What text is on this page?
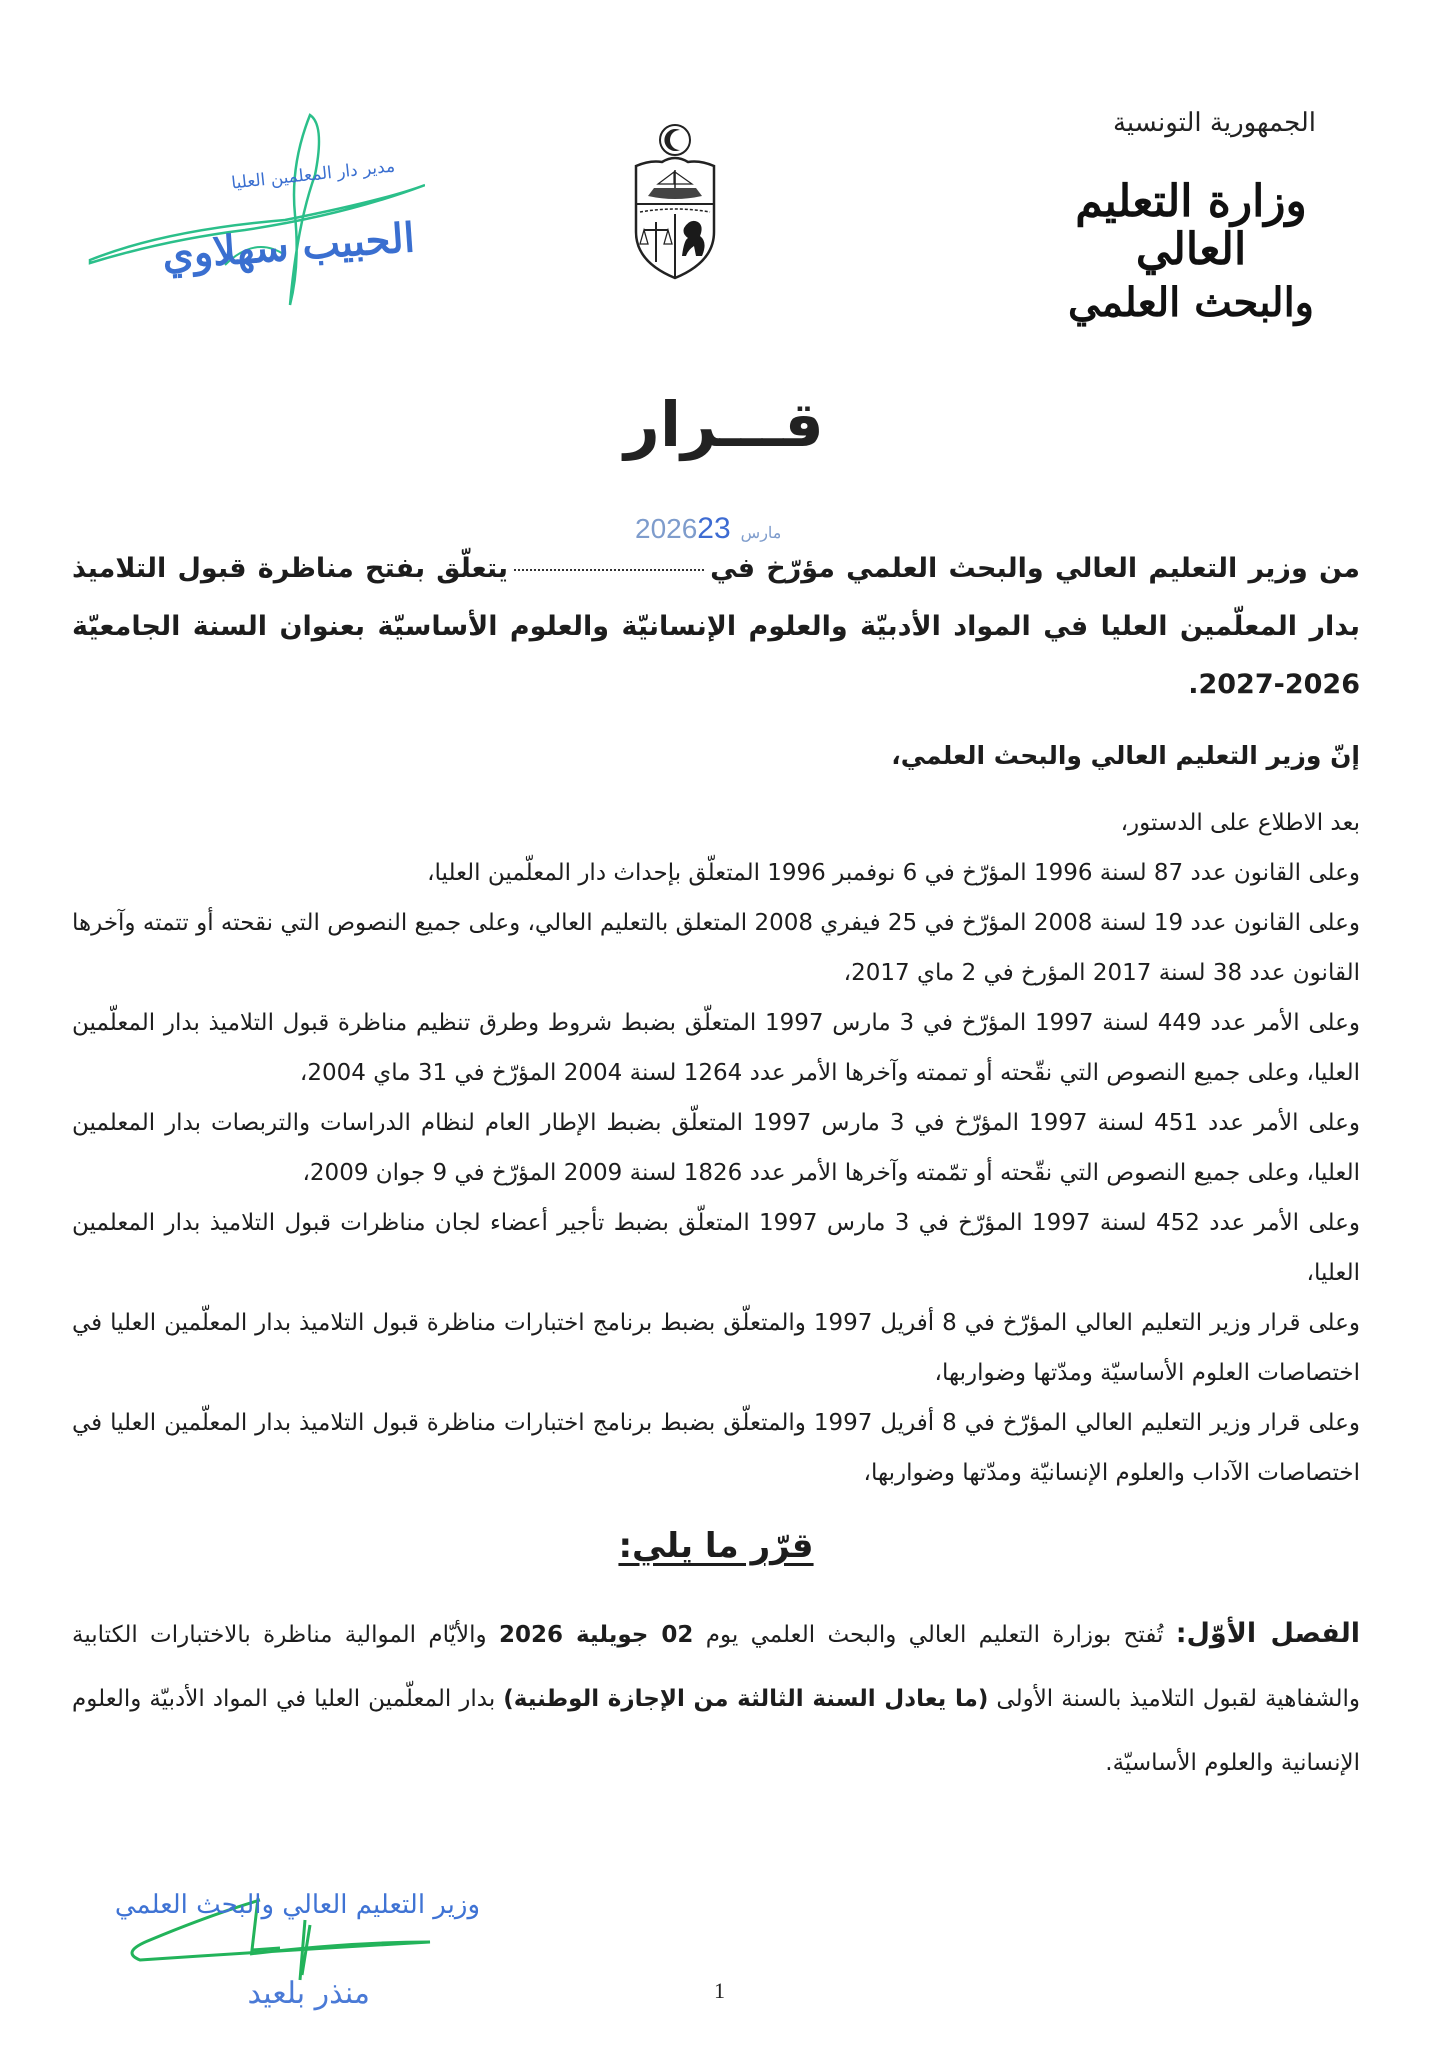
الجمهورية التونسية
وزارة التعليم العالي
والبحث العلمي
مدير دار المعلمين العليا
الحبيب سهلاوي
قـــرار
2026	مارس23
من وزير التعليم العالي والبحث العلمي مؤرّخ فييتعلّق بفتح مناظرة قبول التلاميذ بدار المعلّمين العليا في المواد الأدبيّة والعلوم الإنسانيّة والعلوم الأساسيّة بعنوان السنة الجامعيّة 2026-2027.
إنّ وزير التعليم العالي والبحث العلمي،
بعد الاطلاع على الدستور،
وعلى القانون عدد 87 لسنة 1996 المؤرّخ في 6 نوفمبر 1996 المتعلّق بإحداث دار المعلّمين العليا،
وعلى القانون عدد 19 لسنة 2008 المؤرّخ في 25 فيفري 2008 المتعلق بالتعليم العالي، وعلى جميع النصوص التي نقحته أو تتمته وآخرها القانون عدد 38 لسنة 2017 المؤرخ في 2 ماي 2017،
وعلى الأمر عدد 449 لسنة 1997 المؤرّخ في 3 مارس 1997 المتعلّق بضبط شروط وطرق تنظيم مناظرة قبول التلاميذ بدار المعلّمين العليا، وعلى جميع النصوص التي نقّحته أو تممته وآخرها الأمر عدد 1264 لسنة 2004 المؤرّخ في 31 ماي 2004،
وعلى الأمر عدد 451 لسنة 1997 المؤرّخ في 3 مارس 1997 المتعلّق بضبط الإطار العام لنظام الدراسات والتربصات بدار المعلمين العليا، وعلى جميع النصوص التي نقّحته أو تمّمته وآخرها الأمر عدد 1826 لسنة 2009 المؤرّخ في 9 جوان 2009،
وعلى الأمر عدد 452 لسنة 1997 المؤرّخ في 3 مارس 1997 المتعلّق بضبط تأجير أعضاء لجان مناظرات قبول التلاميذ بدار المعلمين العليا،
وعلى قرار وزير التعليم العالي المؤرّخ في 8 أفريل 1997 والمتعلّق بضبط برنامج اختبارات مناظرة قبول التلاميذ بدار المعلّمين العليا في اختصاصات العلوم الأساسيّة ومدّتها وضواربها،
وعلى قرار وزير التعليم العالي المؤرّخ في 8 أفريل 1997 والمتعلّق بضبط برنامج اختبارات مناظرة قبول التلاميذ بدار المعلّمين العليا في اختصاصات الآداب والعلوم الإنسانيّة ومدّتها وضواربها،
قرّر ما يلي:
الفصل الأوّل: تُفتح بوزارة التعليم العالي والبحث العلمي يوم 02 جويلية 2026 والأيّام الموالية مناظرة بالاختبارات الكتابية والشفاهية لقبول التلاميذ بالسنة الأولى (ما يعادل السنة الثالثة من الإجازة الوطنية) بدار المعلّمين العليا في المواد الأدبيّة والعلوم الإنسانية والعلوم الأساسيّة.
وزير التعليم العالي والبحث العلمي
منذر بلعيد	1
